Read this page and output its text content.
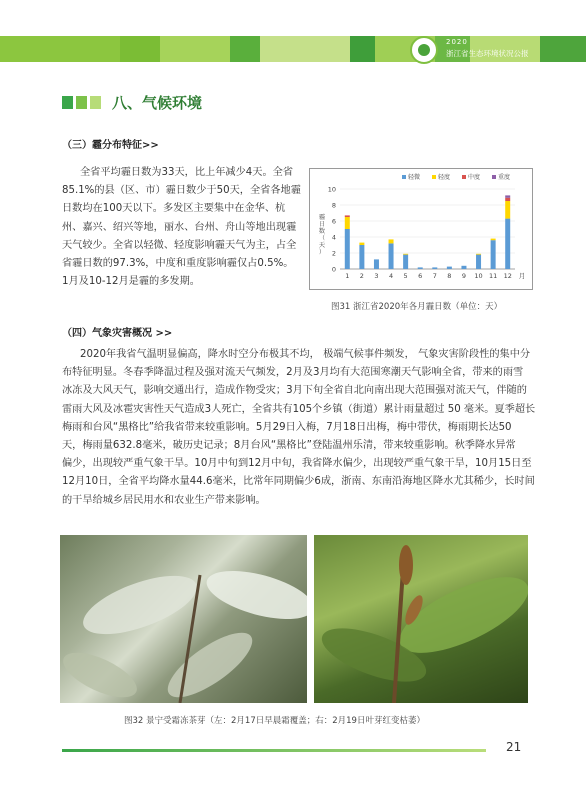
2020
浙江省生态环境状况公报
八、气候环境
（三）霾分布特征>>
全省平均霾日数为33天，比上年减少4天。全省
85.1%的县（区、市）霾日数少于50天，全省各地霾
日数均在100天以下。多发区主要集中在金华、杭
州、嘉兴、绍兴等地，丽水、台州、舟山等地出现霾
天气较少。全省以轻微、轻度影响霾天气为主，占全
省霾日数的97.3%，中度和重度影响霾仅占0.5%。
1月及10-12月是霾的多发期。
0
2
4
6
8
10
霾
日
数
（
天
）
1 2 3 4 5 6 7 8 9 10 11 12 月
轻微	轻度	中度	重度
图31 浙江省2020年各月霾日数（单位：天）
（四）气象灾害概况 >>
2020年我省气温明显偏高，降水时空分布极其不均， 极端气候事件频发， 气象灾害阶段性的集中分
布特征明显。冬春季降温过程及强对流天气频发，2月及3月均有大范围寒潮天气影响全省，带来的雨雪
冰冻及大风天气，影响交通出行，造成作物受灾；3月下旬全省自北向南出现大范围强对流天气，伴随的
雷雨大风及冰雹灾害性天气造成3人死亡，全省共有105个乡镇（街道）累计雨量超过 50 毫米。夏季超长
梅雨和台风“黑格比”给我省带来较重影响。5月29日入梅，7月18日出梅，梅中带伏，梅雨期长达50
天，梅雨量632.8毫米，破历史记录；8月台风“黑格比”登陆温州乐清，带来较重影响。秋季降水异常
偏少，出现较严重气象干旱。10月中旬到12月中旬，我省降水偏少，出现较严重气象干旱，10月15日至
12月10日，全省平均降水量44.6毫米，比常年同期偏少6成，浙南、东南沿海地区降水尤其稀少，长时间
的干旱给城乡居民用水和农业生产带来影响。
图32 景宁受霜冻茶芽（左：2月17日早晨霜覆盖；右：2月19日叶芽红变枯萎）
21
